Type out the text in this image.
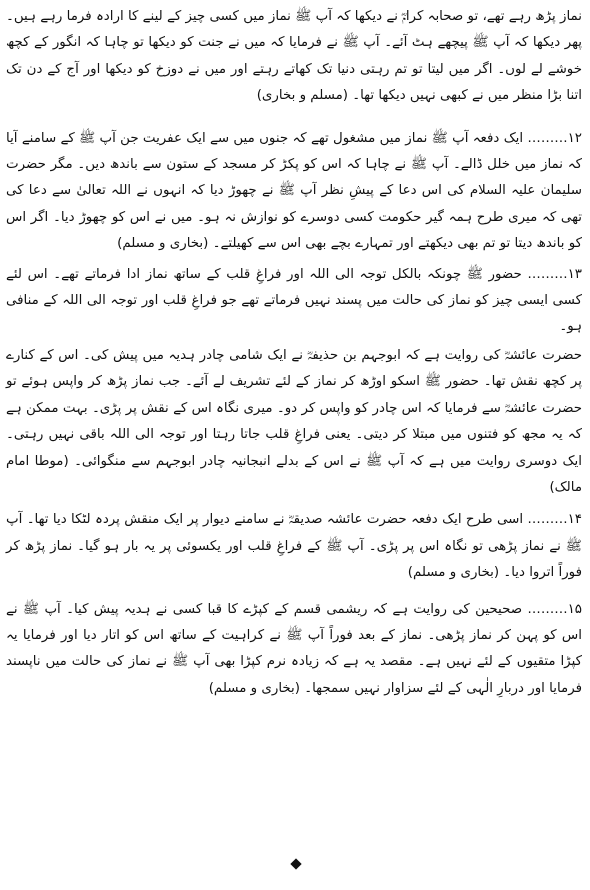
نماز پڑھ رہے تھے، تو صحابہ کرامؓ نے دیکھا کہ آپ ﷺ نماز میں کسی چیز کے لینے کا ارادہ فرما رہے ہیں۔ پھر دیکھا کہ آپ ﷺ پیچھے ہٹ آئے۔ آپ ﷺ نے فرمایا کہ میں نے جنت کو دیکھا تو چاہا کہ انگور کے کچھ خوشے لے لوں۔ اگر میں لیتا تو تم رہتی دنیا تک کھاتے رہتے اور میں نے دوزخ کو دیکھا اور آج کے دن تک اتنا بڑا منظر میں نے کبھی نہیں دیکھا تھا۔ (مسلم و بخاری)

۱۲……… ایک دفعہ آپ ﷺ نماز میں مشغول تھے کہ جنوں میں سے ایک عفریت جن آپ ﷺ کے سامنے آیا کہ نماز میں خلل ڈالے۔ آپ ﷺ نے چاہا کہ اس کو پکڑ کر مسجد کے ستون سے باندھ دیں۔ مگر حضرت سلیمان علیہ السلام کی اس دعا کے پیشِ نظر آپ ﷺ نے چھوڑ دیا کہ انہوں نے اللہ تعالیٰ سے دعا کی تھی کہ میری طرح ہمہ گیر حکومت کسی دوسرے کو نوازش نہ ہو۔ میں نے اس کو چھوڑ دیا۔ اگر اس کو باندھ دیتا تو تم بھی دیکھتے اور تمہارے بچے بھی اس سے کھیلتے۔ (بخاری و مسلم)

۱۳……… حضور ﷺ چونکہ بالکل توجہ الی اللہ اور فراغِ قلب کے ساتھ نماز ادا فرماتے تھے۔ اس لئے کسی ایسی چیز کو نماز کی حالت میں پسند نہیں فرماتے تھے جو فراغِ قلب اور توجہ الی اللہ کے منافی ہو۔

حضرت عائشہؓ کی روایت ہے کہ ابوجہم بن حذیفہؓ نے ایک شامی چادر ہدیہ میں پیش کی۔ اس کے کنارے پر کچھ نقش تھا۔ حضور ﷺ اسکو اوڑھ کر نماز کے لئے تشریف لے آئے۔ جب نماز پڑھ کر واپس ہوئے تو حضرت عائشہؓ سے فرمایا کہ اس چادر کو واپس کر دو۔ میری نگاہ اس کے نقش پر پڑی۔ بہت ممکن ہے کہ یہ مجھ کو فتنوں میں مبتلا کر دیتی۔ یعنی فراغِ قلب جاتا رہتا اور توجہ الی اللہ باقی نہیں رہتی۔ ایک دوسری روایت میں ہے کہ آپ ﷺ نے اس کے بدلے انبجانیہ چادر ابوجہم سے منگوائی۔ (موطا امام مالک)

۱۴……… اسی طرح ایک دفعہ حضرت عائشہ صدیقہؓ نے سامنے دیوار پر ایک منقش پردہ لٹکا دیا تھا۔ آپ ﷺ نے نماز پڑھی تو نگاہ اس پر پڑی۔ آپ ﷺ کے فراغِ قلب اور یکسوئی پر یہ بار ہو گیا۔ نماز پڑھ کر فوراً اتروا دیا۔ (بخاری و مسلم)

۱۵……… صحیحین کی روایت ہے کہ ریشمی قسم کے کپڑے کا قبا کسی نے ہدیہ پیش کیا۔ آپ ﷺ نے اس کو پہن کر نماز پڑھی۔ نماز کے بعد فوراً آپ ﷺ نے کراہیت کے ساتھ اس کو اتار دیا اور فرمایا یہ کپڑا متقیوں کے لئے نہیں ہے۔ مقصد یہ ہے کہ زیادہ نرم کپڑا بھی آپ ﷺ نے نماز کی حالت میں ناپسند فرمایا اور دربارِ الٰہی کے لئے سزاوار نہیں سمجھا۔ (بخاری و مسلم)
